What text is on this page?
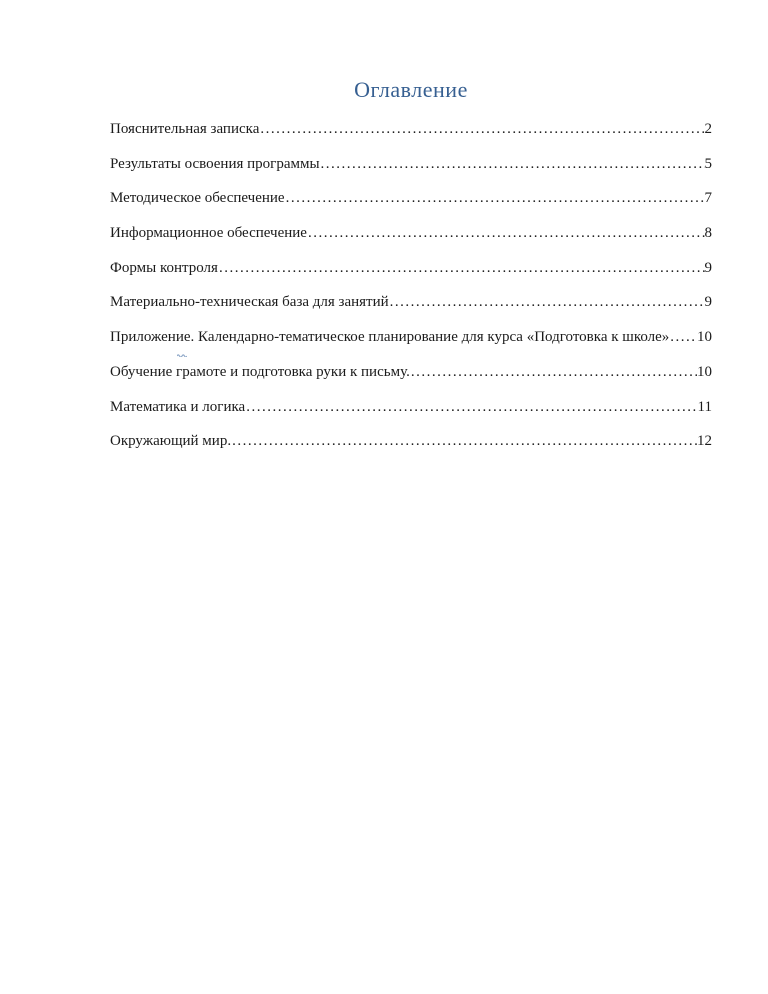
Оглавление
Пояснительная записка .....	2
Результаты освоения программы .....	5
Методическое обеспечение .....	7
Информационное обеспечение .....	8
Формы контроля .....	9
Материально-техническая база для занятий .....	9
Приложение. Календарно-тематическое планирование для курса «Подготовка к школе» ..... 10
Обучение грамоте и подготовка руки к письму. .....	10
Математика и логика .....	11
Окружающий мир. .....	12
